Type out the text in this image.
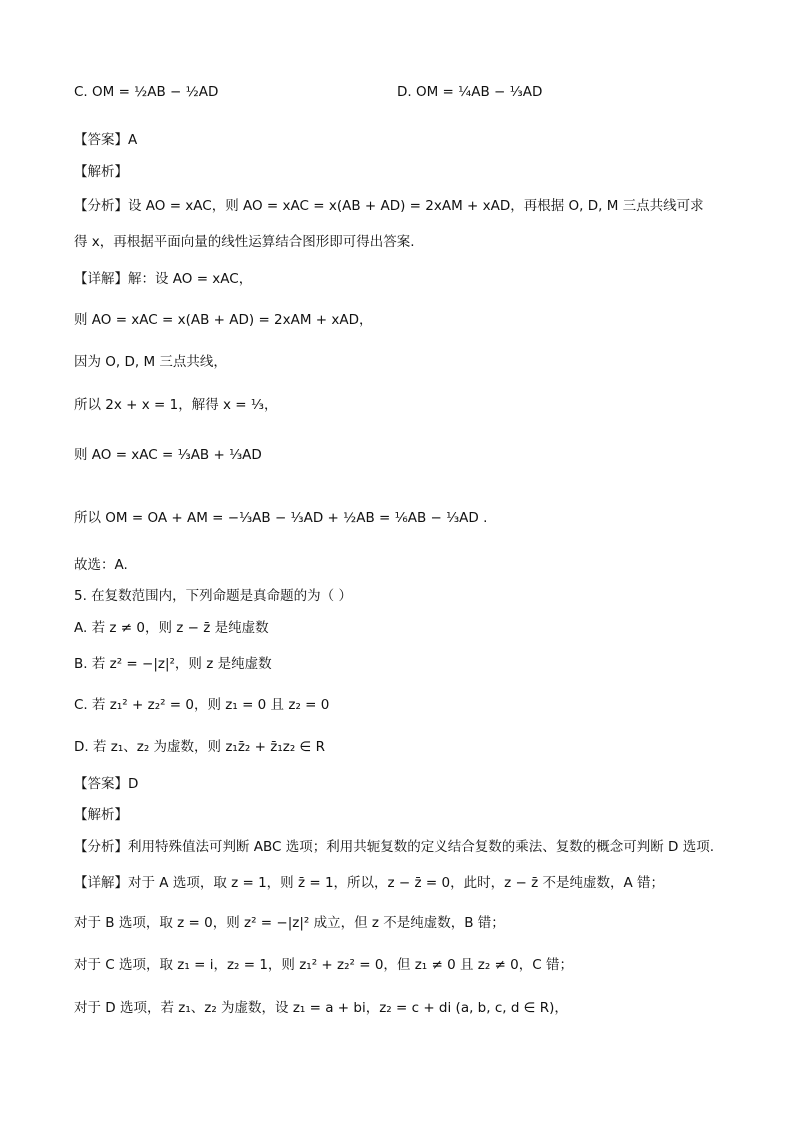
C. OM = ½AB − ½AD	D. OM = ¼AB − ⅓AD
【答案】A
【解析】
【分析】设 AO = xAC，则 AO = xAC = x(AB + AD) = 2xAM + xAD，再根据 O, D, M 三点共线可求
得 x，再根据平面向量的线性运算结合图形即可得出答案.
【详解】解：设 AO = xAC，
则 AO = xAC = x(AB + AD) = 2xAM + xAD，
因为 O, D, M 三点共线，
所以 2x + x = 1，解得 x = ⅓，
则 AO = xAC = ⅓AB + ⅓AD
所以 OM = OA + AM = −⅓AB − ⅓AD + ½AB = ⅙AB − ⅓AD .
故选：A.
5. 在复数范围内，下列命题是真命题的为（ ）
A. 若 z ≠ 0，则 z − z̄ 是纯虚数
B. 若 z² = −|z|²，则 z 是纯虚数
C. 若 z₁² + z₂² = 0，则 z₁ = 0 且 z₂ = 0
D. 若 z₁、z₂ 为虚数，则 z₁z̄₂ + z̄₁z₂ ∈ R
【答案】D
【解析】
【分析】利用特殊值法可判断 ABC 选项；利用共轭复数的定义结合复数的乘法、复数的概念可判断 D 选项.
【详解】对于 A 选项，取 z = 1，则 z̄ = 1，所以，z − z̄ = 0，此时，z − z̄ 不是纯虚数，A 错；
对于 B 选项，取 z = 0，则 z² = −|z|² 成立，但 z 不是纯虚数，B 错；
对于 C 选项，取 z₁ = i，z₂ = 1，则 z₁² + z₂² = 0，但 z₁ ≠ 0 且 z₂ ≠ 0，C 错；
对于 D 选项，若 z₁、z₂ 为虚数，设 z₁ = a + bi，z₂ = c + di (a, b, c, d ∈ R)，
